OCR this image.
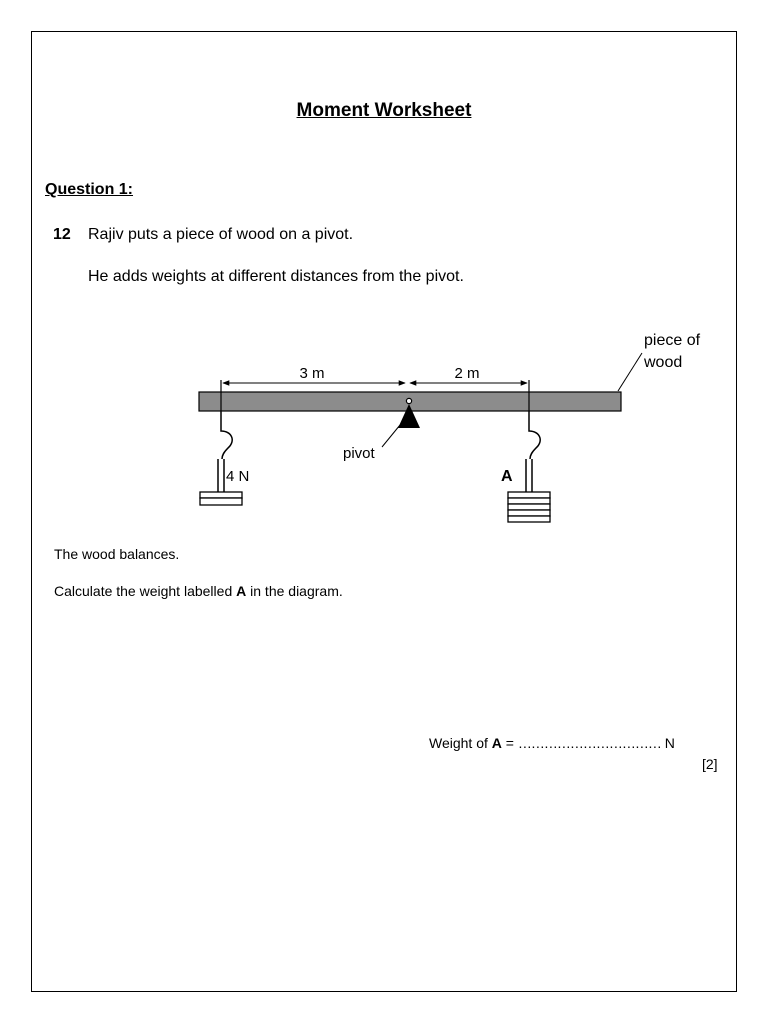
Moment Worksheet
Question 1:
12 Rajiv puts a piece of wood on a pivot.
He adds weights at different distances from the pivot.
3 m	2 m
pivot
piece of
wood
4 N	A
The wood balances.
Calculate the weight labelled A in the diagram.
Weight of A = …………………………… N
[2]
